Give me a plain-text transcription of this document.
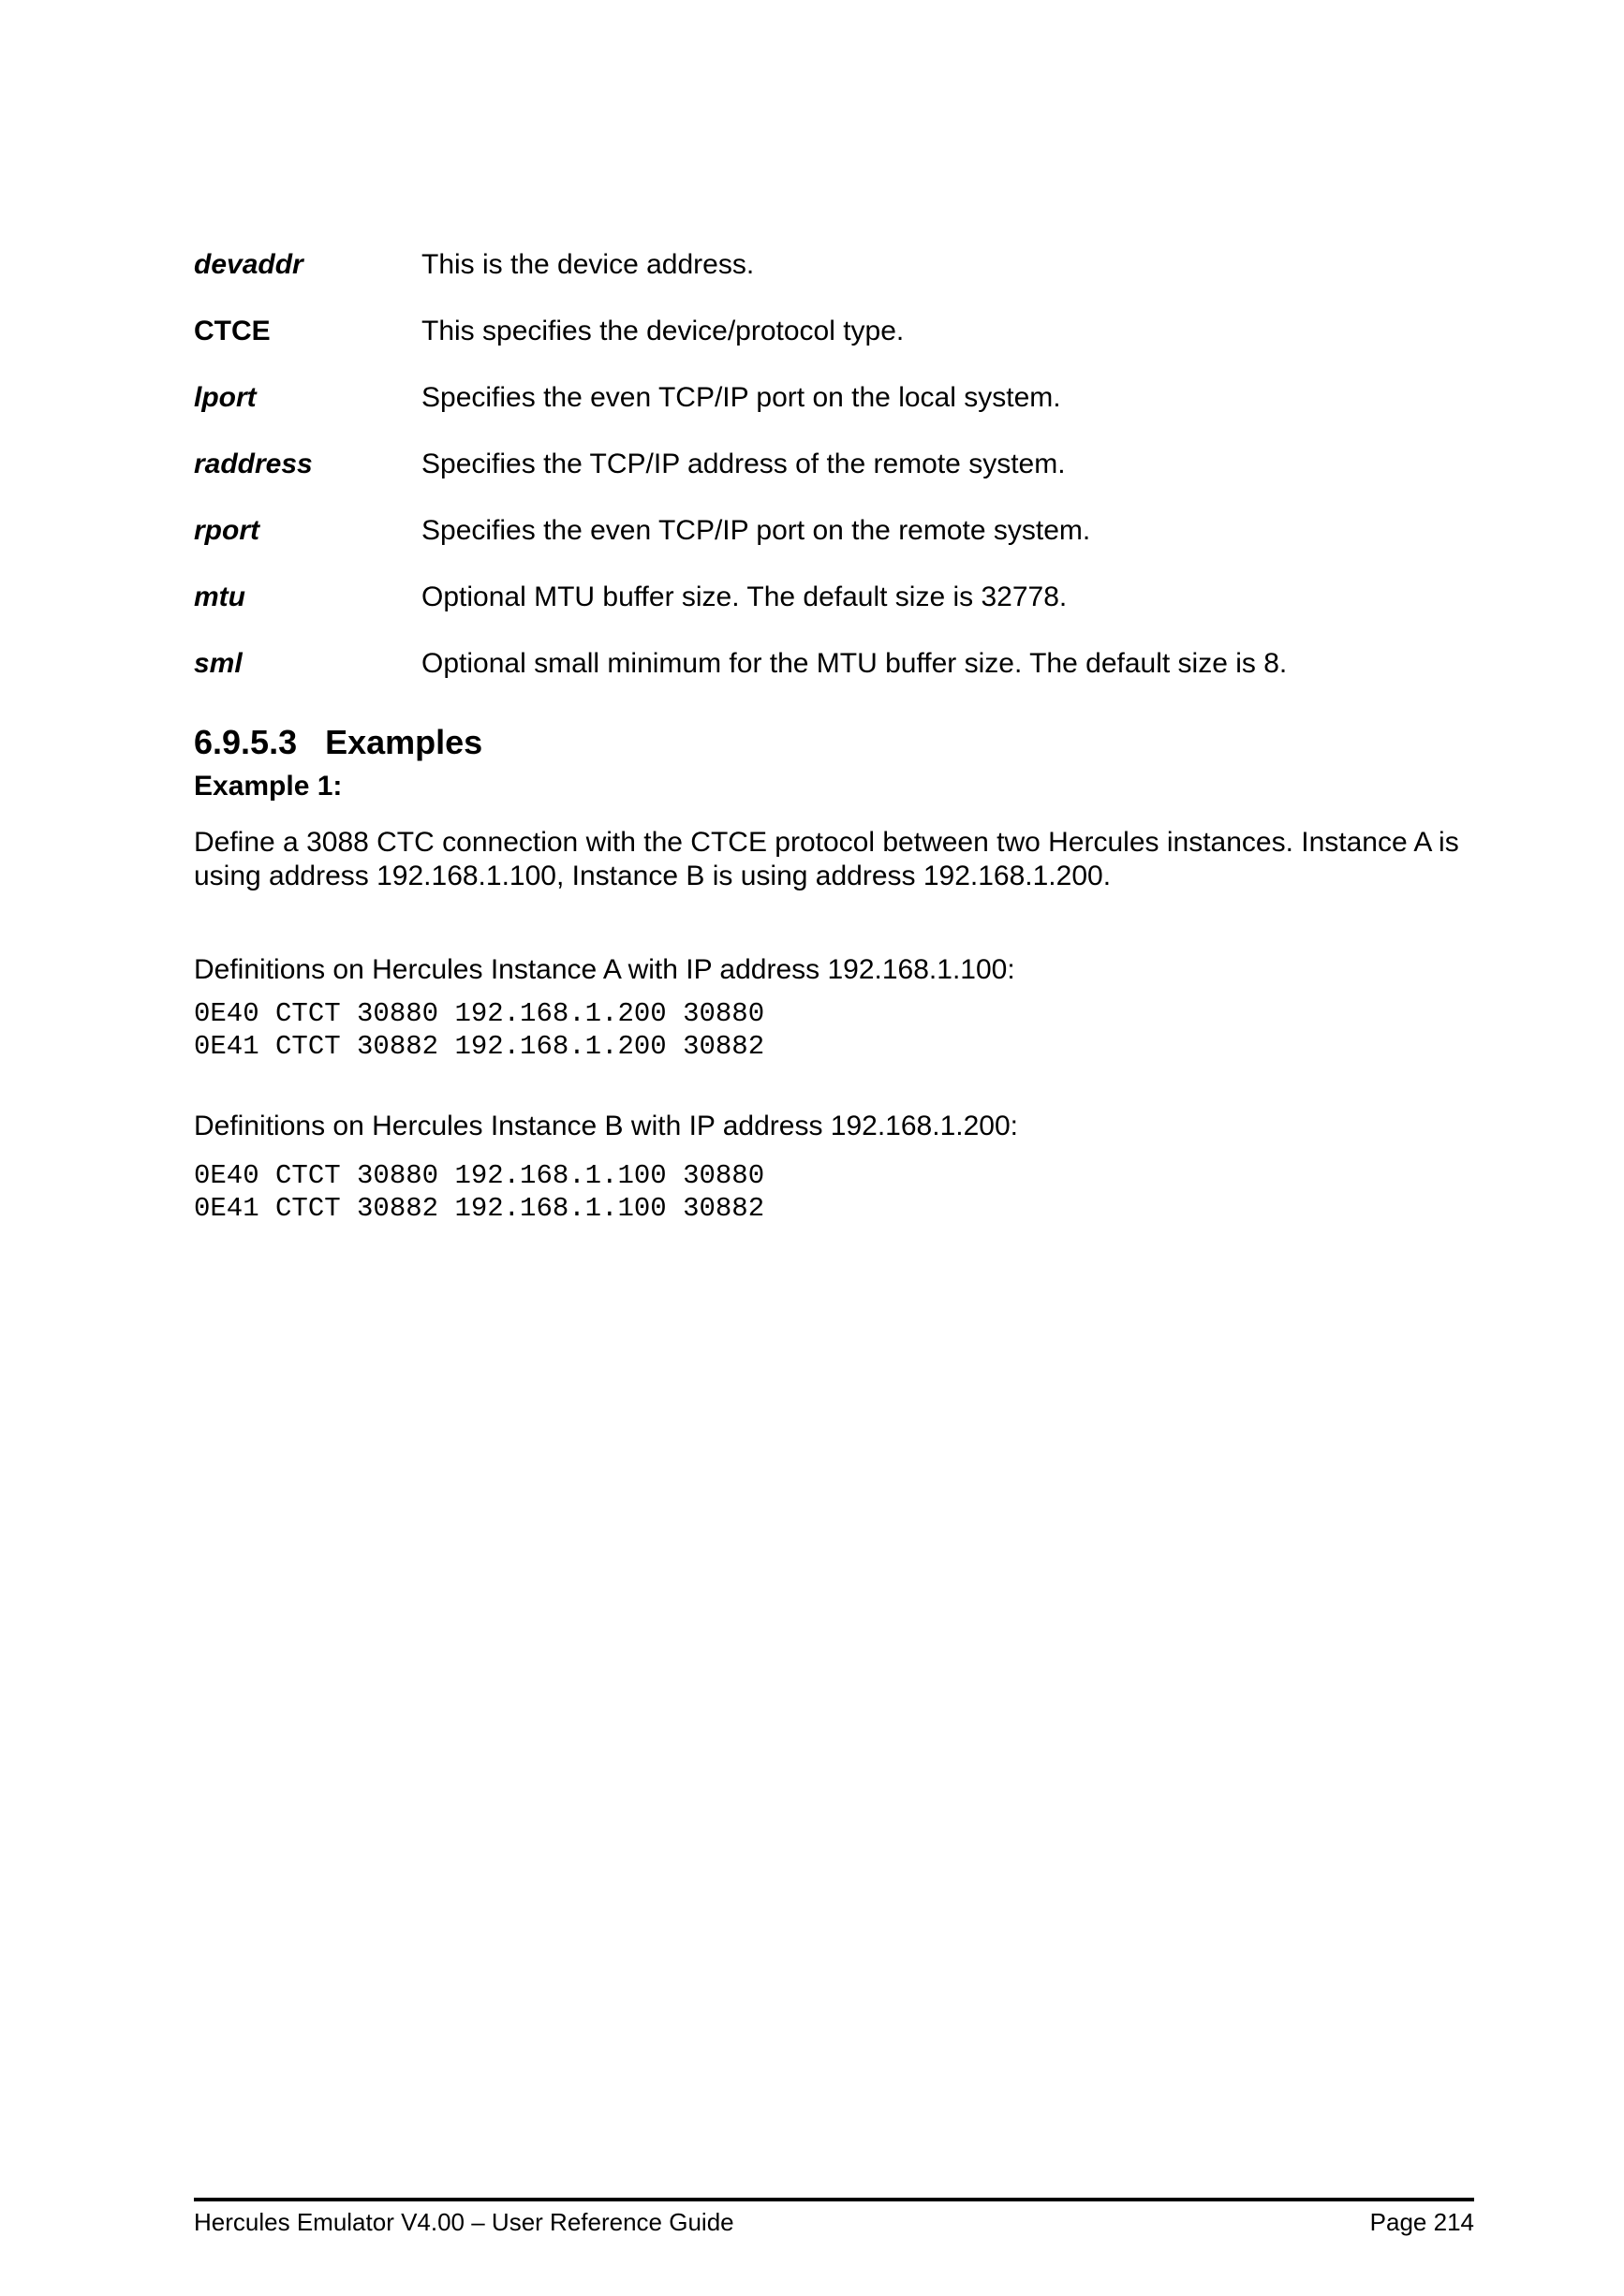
devaddr	This is the device address.
CTCE	This specifies the device/protocol type.
lport	Specifies the even TCP/IP port on the local system.
raddress	Specifies the TCP/IP address of the remote system.
rport	Specifies the even TCP/IP port on the remote system.
mtu	Optional MTU buffer size. The default size is 32778.
sml	Optional small minimum for the MTU buffer size. The default size is 8.
6.9.5.3 Examples
Example 1:
Define a 3088 CTC connection with the CTCE protocol between two Hercules instances. Instance A is using address 192.168.1.100, Instance B is using address 192.168.1.200.
Definitions on Hercules Instance A with IP address 192.168.1.100:
0E40 CTCT 30880 192.168.1.200 30880
0E41 CTCT 30882 192.168.1.200 30882
Definitions on Hercules Instance B with IP address 192.168.1.200:
0E40 CTCT 30880 192.168.1.100 30880
0E41 CTCT 30882 192.168.1.100 30882
Hercules Emulator V4.00 – User Reference Guide	Page 214
